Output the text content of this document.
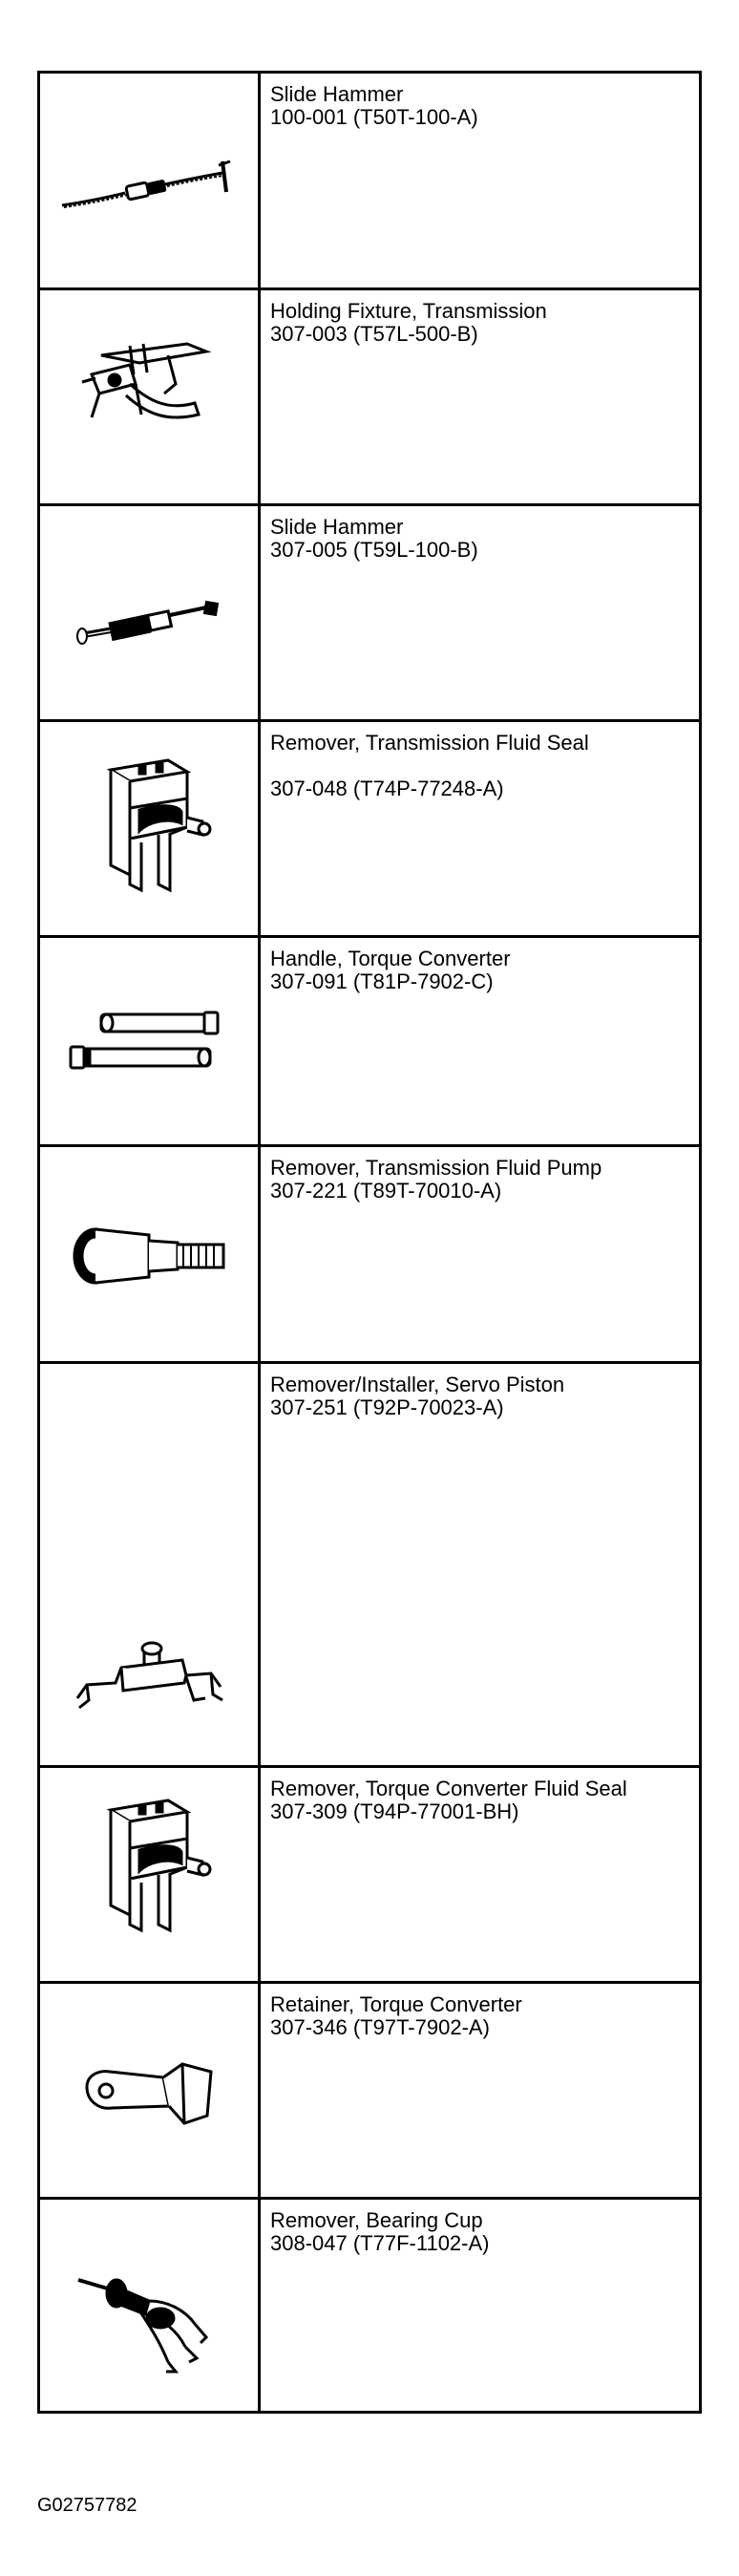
Slide Hammer
100-001 (T50T-100-A)

Holding Fixture, Transmission
307-003 (T57L-500-B)

Slide Hammer
307-005 (T59L-100-B)

Remover, Transmission Fluid Seal
307-048 (T74P-77248-A)

Handle, Torque Converter
307-091 (T81P-7902-C)

Remover, Transmission Fluid Pump
307-221 (T89T-70010-A)

Remover/Installer, Servo Piston
307-251 (T92P-70023-A)

Remover, Torque Converter Fluid Seal
307-309 (T94P-77001-BH)

Retainer, Torque Converter
307-346 (T97T-7902-A)

Remover, Bearing Cup
308-047 (T77F-1102-A)
G02757782
